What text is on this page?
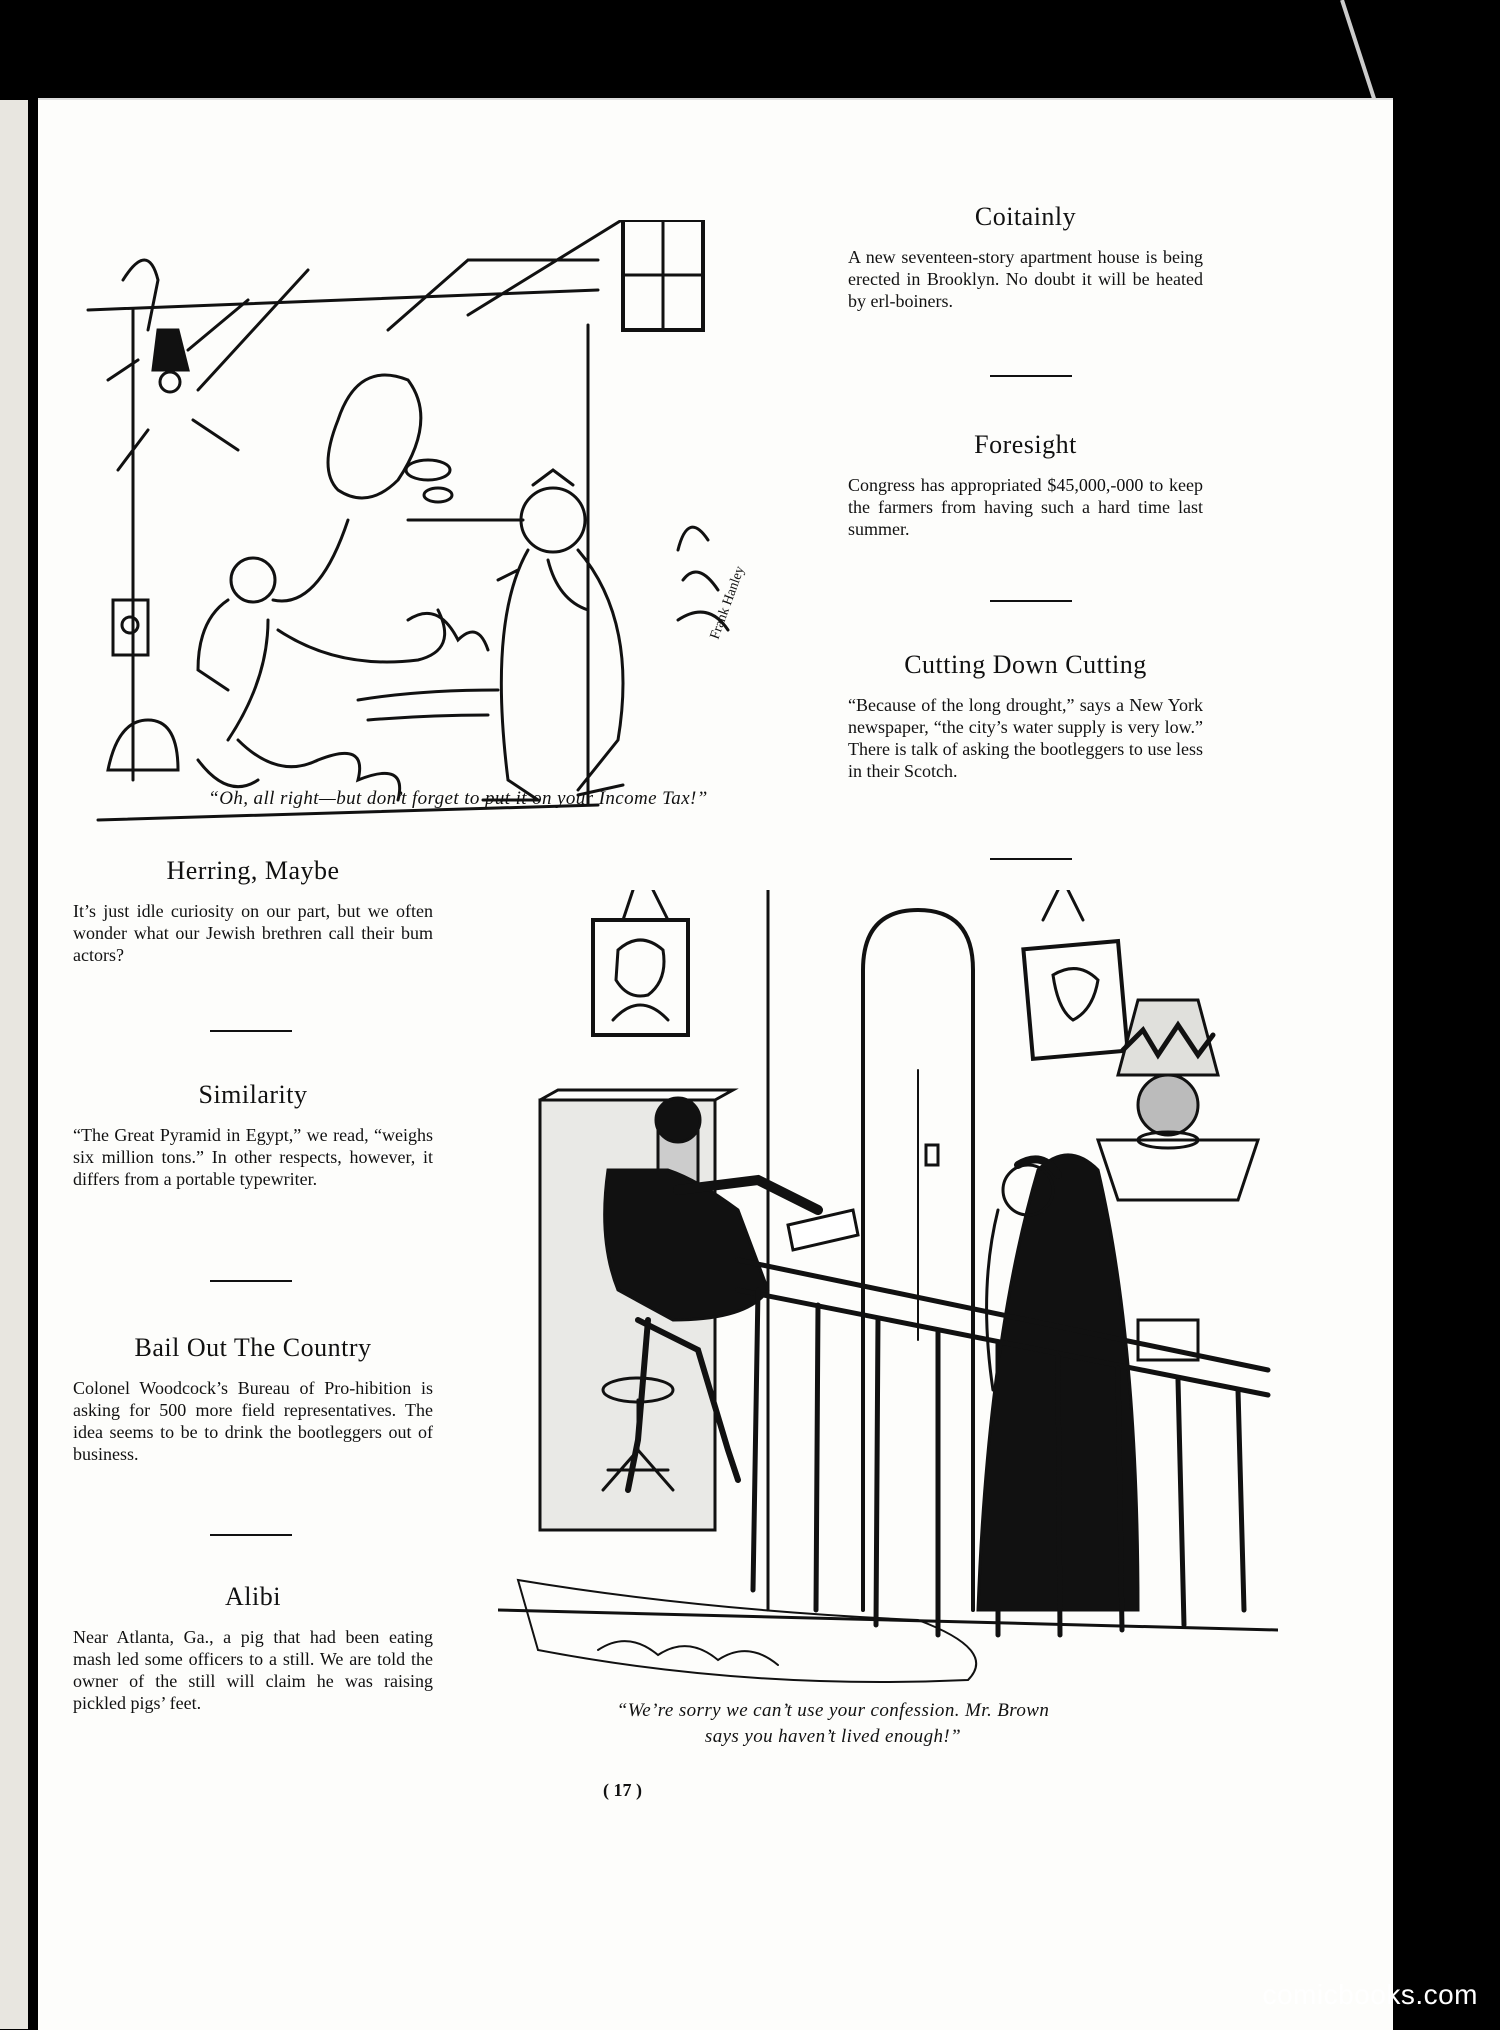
Frank Hanley
“Oh, all right—but don’t forget to put it on your Income Tax!”
Coitainly

A new seventeen-story apartment house is being erected in Brooklyn. No doubt it will be heated by erl-boiners.

Foresight

Congress has appropriated $45,000,-000 to keep the farmers from having such a hard time last summer.

Cutting Down Cutting

“Because of the long drought,” says a New York newspaper, “the city’s water supply is very low.” There is talk of asking the bootleggers to use less in their Scotch.

Herring, Maybe

It’s just idle curiosity on our part, but we often wonder what our Jewish brethren call their bum actors?

Similarity

“The Great Pyramid in Egypt,” we read, “weighs six million tons.” In other respects, however, it differs from a portable typewriter.

Bail Out The Country

Colonel Woodcock’s Bureau of Pro-hibition is asking for 500 more field representatives. The idea seems to be to drink the bootleggers out of business.

Alibi

Near Atlanta, Ga., a pig that had been eating mash led some officers to a still. We are told the owner of the still will claim he was raising pickled pigs’ feet.	“We’re sorry we can’t use your confession. Mr. Brown
says you haven’t lived enough!”
( 17 )
comicbooks.com
